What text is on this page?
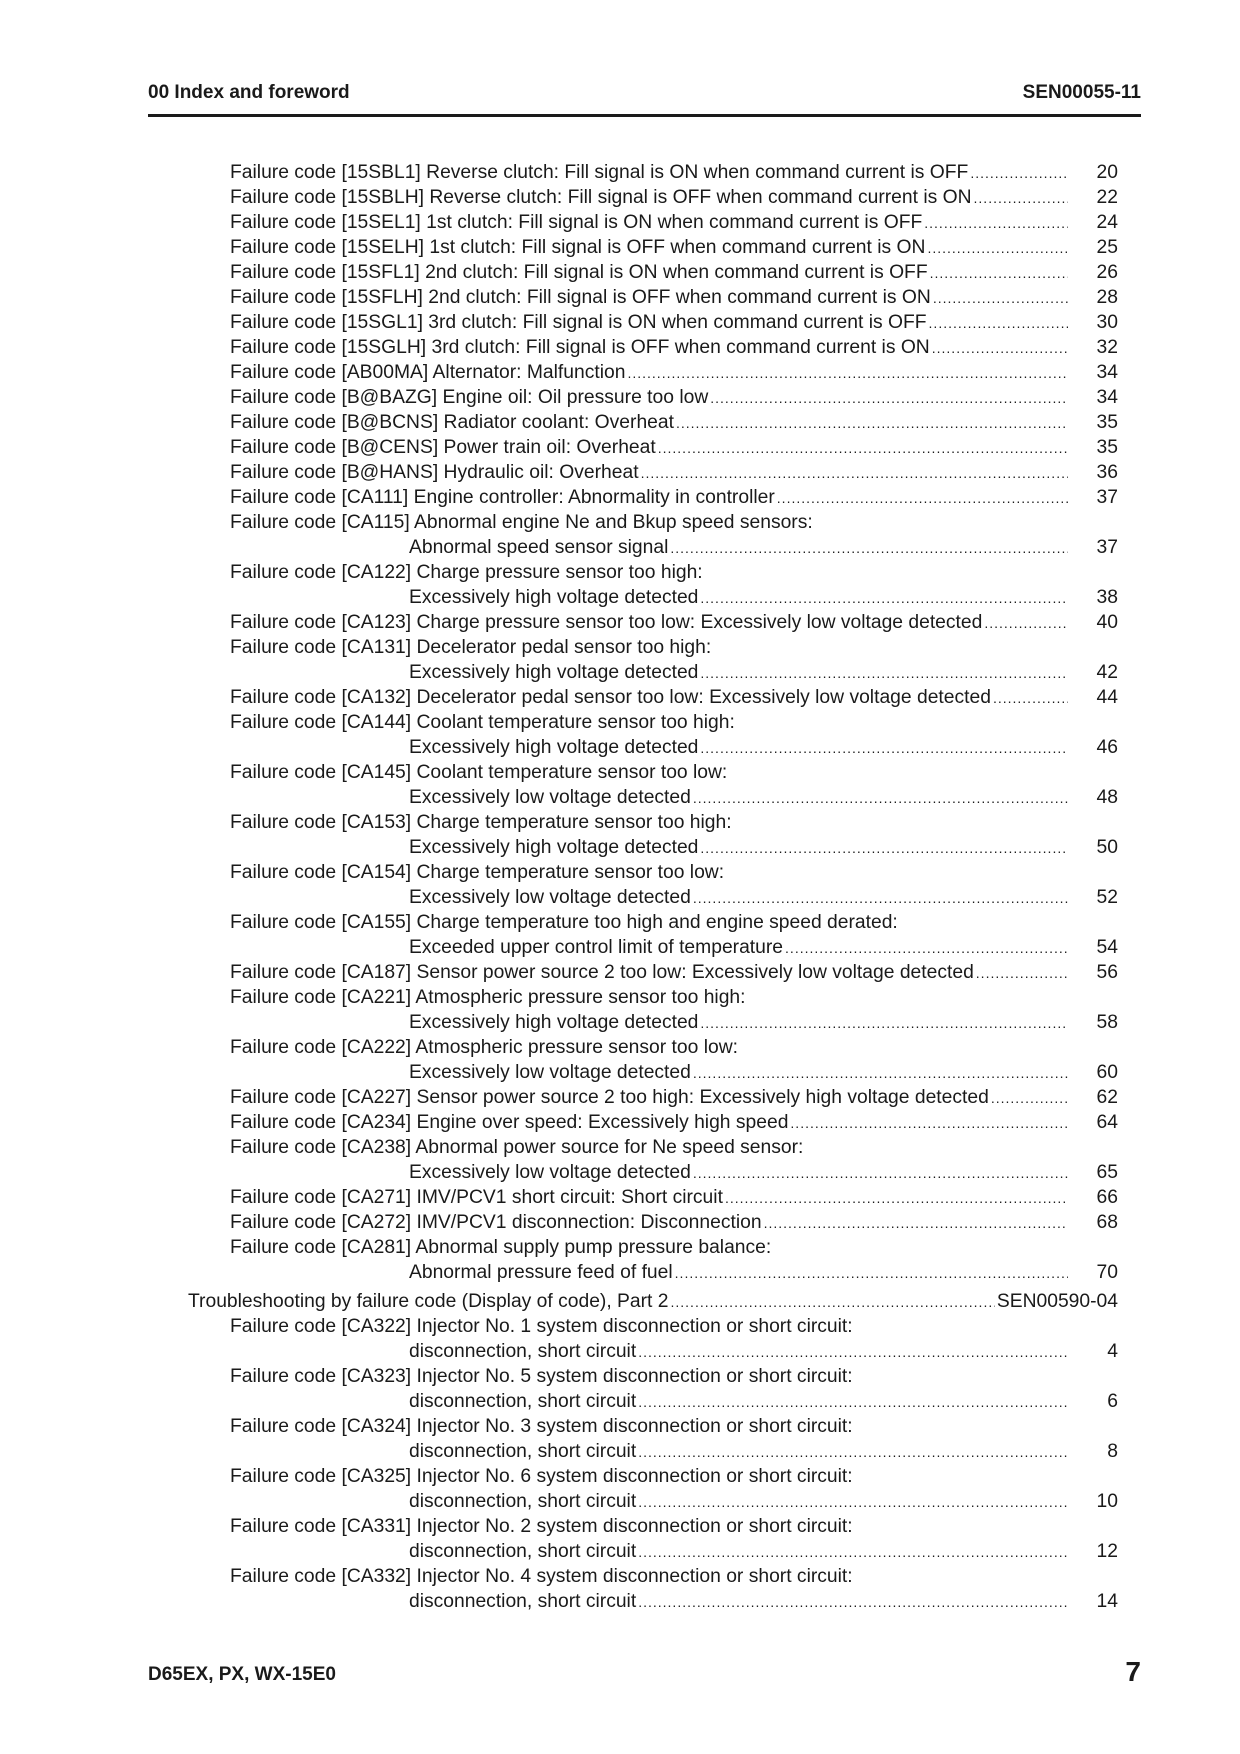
00 Index and foreword	SEN00055-11
Failure code [15SBL1] Reverse clutch: Fill signal is ON when command current is OFF .....	20
Failure code [15SBLH] Reverse clutch: Fill signal is OFF when command current is ON .....	22
Failure code [15SEL1] 1st clutch: Fill signal is ON when command current is OFF .....	24
Failure code [15SELH] 1st clutch: Fill signal is OFF when command current is ON .....	25
Failure code [15SFL1] 2nd clutch: Fill signal is ON when command current is OFF .....	26
Failure code [15SFLH] 2nd clutch: Fill signal is OFF when command current is ON .....	28
Failure code [15SGL1] 3rd clutch: Fill signal is ON when command current is OFF .....	30
Failure code [15SGLH] 3rd clutch: Fill signal is OFF when command current is ON .....	32
Failure code [AB00MA] Alternator: Malfunction .....	34
Failure code [B@BAZG] Engine oil: Oil pressure too low .....	34
Failure code [B@BCNS] Radiator coolant: Overheat .....	35
Failure code [B@CENS] Power train oil: Overheat .....	35
Failure code [B@HANS] Hydraulic oil: Overheat .....	36
Failure code [CA111] Engine controller: Abnormality in controller .....	37
Failure code [CA115] Abnormal engine Ne and Bkup speed sensors:
Abnormal speed sensor signal .....	37
Failure code [CA122] Charge pressure sensor too high:
Excessively high voltage detected .....	38
Failure code [CA123] Charge pressure sensor too low: Excessively low voltage detected .....	40
Failure code [CA131] Decelerator pedal sensor too high:
Excessively high voltage detected .....	42
Failure code [CA132] Decelerator pedal sensor too low: Excessively low voltage detected .....	44
Failure code [CA144] Coolant temperature sensor too high:
Excessively high voltage detected .....	46
Failure code [CA145] Coolant temperature sensor too low:
Excessively low voltage detected .....	48
Failure code [CA153] Charge temperature sensor too high:
Excessively high voltage detected .....	50
Failure code [CA154] Charge temperature sensor too low:
Excessively low voltage detected .....	52
Failure code [CA155] Charge temperature too high and engine speed derated:
Exceeded upper control limit of temperature .....	54
Failure code [CA187] Sensor power source 2 too low: Excessively low voltage detected .....	56
Failure code [CA221] Atmospheric pressure sensor too high:
Excessively high voltage detected .....	58
Failure code [CA222] Atmospheric pressure sensor too low:
Excessively low voltage detected .....	60
Failure code [CA227] Sensor power source 2 too high: Excessively high voltage detected .....	62
Failure code [CA234] Engine over speed: Excessively high speed .....	64
Failure code [CA238] Abnormal power source for Ne speed sensor:
Excessively low voltage detected .....	65
Failure code [CA271] IMV/PCV1 short circuit: Short circuit .....	66
Failure code [CA272] IMV/PCV1 disconnection: Disconnection .....	68
Failure code [CA281] Abnormal supply pump pressure balance:
Abnormal pressure feed of fuel .....	70
Troubleshooting by failure code (Display of code), Part 2 .....	SEN00590-04
Failure code [CA322] Injector No. 1 system disconnection or short circuit:
disconnection, short circuit .....	4
Failure code [CA323] Injector No. 5 system disconnection or short circuit:
disconnection, short circuit .....	6
Failure code [CA324] Injector No. 3 system disconnection or short circuit:
disconnection, short circuit .....	8
Failure code [CA325] Injector No. 6 system disconnection or short circuit:
disconnection, short circuit .....	10
Failure code [CA331] Injector No. 2 system disconnection or short circuit:
disconnection, short circuit .....	12
Failure code [CA332] Injector No. 4 system disconnection or short circuit:
disconnection, short circuit .....	14
D65EX, PX, WX-15E0	7
